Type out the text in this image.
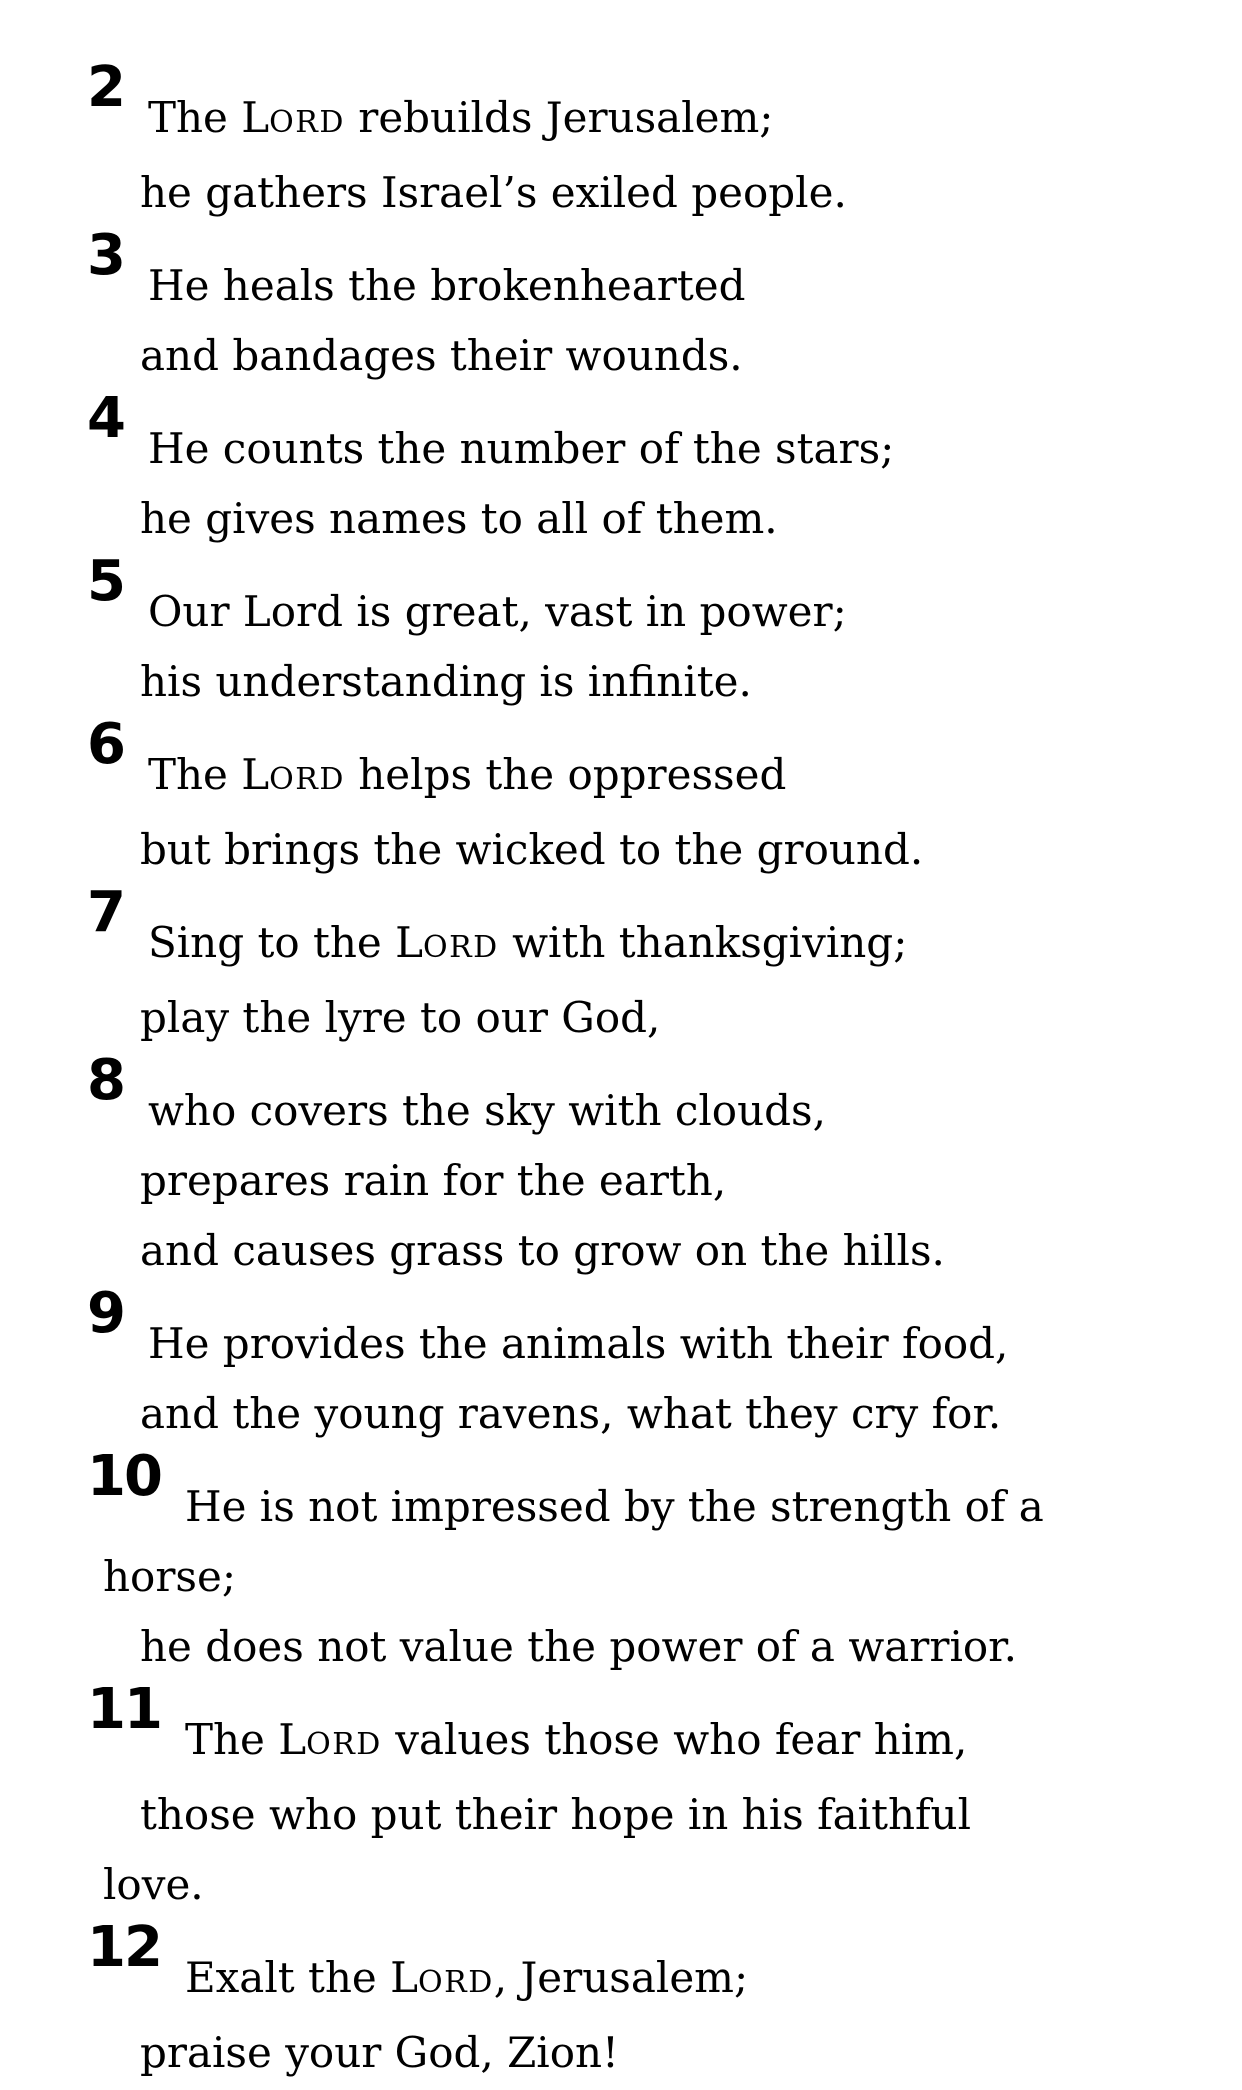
2 The LORD rebuilds Jerusalem;
he gathers Israel’s exiled people.
3 He heals the brokenhearted
and bandages their wounds.
4 He counts the number of the stars;
he gives names to all of them.
5 Our Lord is great, vast in power;
his understanding is infinite.
6 The LORD helps the oppressed
but brings the wicked to the ground.
7 Sing to the LORD with thanksgiving;
play the lyre to our God,
8 who covers the sky with clouds,
prepares rain for the earth,
and causes grass to grow on the hills.
9 He provides the animals with their food,
and the young ravens, what they cry for.
10 He is not impressed by the strength of a
horse;
he does not value the power of a warrior.
11 The LORD values those who fear him,
those who put their hope in his faithful
love.
12 Exalt the LORD, Jerusalem;
praise your God, Zion!
